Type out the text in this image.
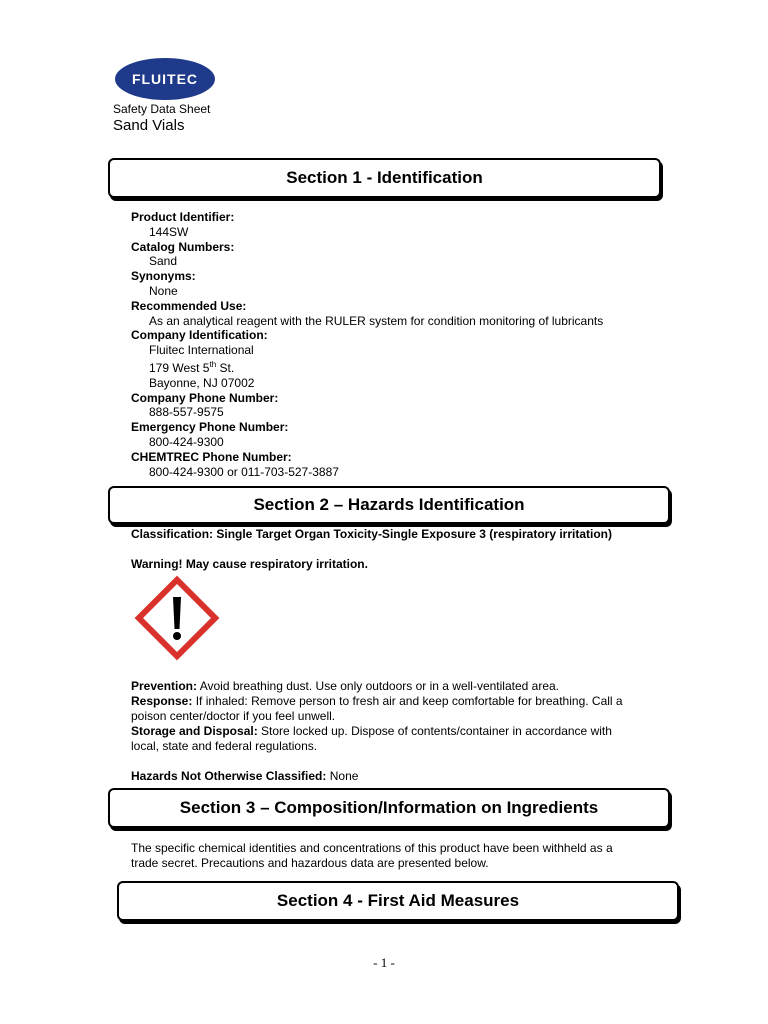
FLUITEC
Safety Data Sheet
Sand Vials
Section 1 - Identification
Product Identifier:
144SW
Catalog Numbers:
Sand
Synonyms:
None
Recommended Use:
As an analytical reagent with the RULER system for condition monitoring of lubricants
Company Identification:
Fluitec International
179 West 5th St.
Bayonne, NJ 07002
Company Phone Number:
888-557-9575
Emergency Phone Number:
800-424-9300
CHEMTREC Phone Number:
800-424-9300 or 011-703-527-3887
Section 2 – Hazards Identification
Classification: Single Target Organ Toxicity-Single Exposure 3 (respiratory irritation)
Warning! May cause respiratory irritation.
Prevention: Avoid breathing dust. Use only outdoors or in a well-ventilated area.
Response: If inhaled: Remove person to fresh air and keep comfortable for breathing. Call a
poison center/doctor if you feel unwell.
Storage and Disposal: Store locked up. Dispose of contents/container in accordance with
local, state and federal regulations.
Hazards Not Otherwise Classified: None
Section 3 – Composition/Information on Ingredients
The specific chemical identities and concentrations of this product have been withheld as a
trade secret. Precautions and hazardous data are presented below.
Section 4 - First Aid Measures
- 1 -
